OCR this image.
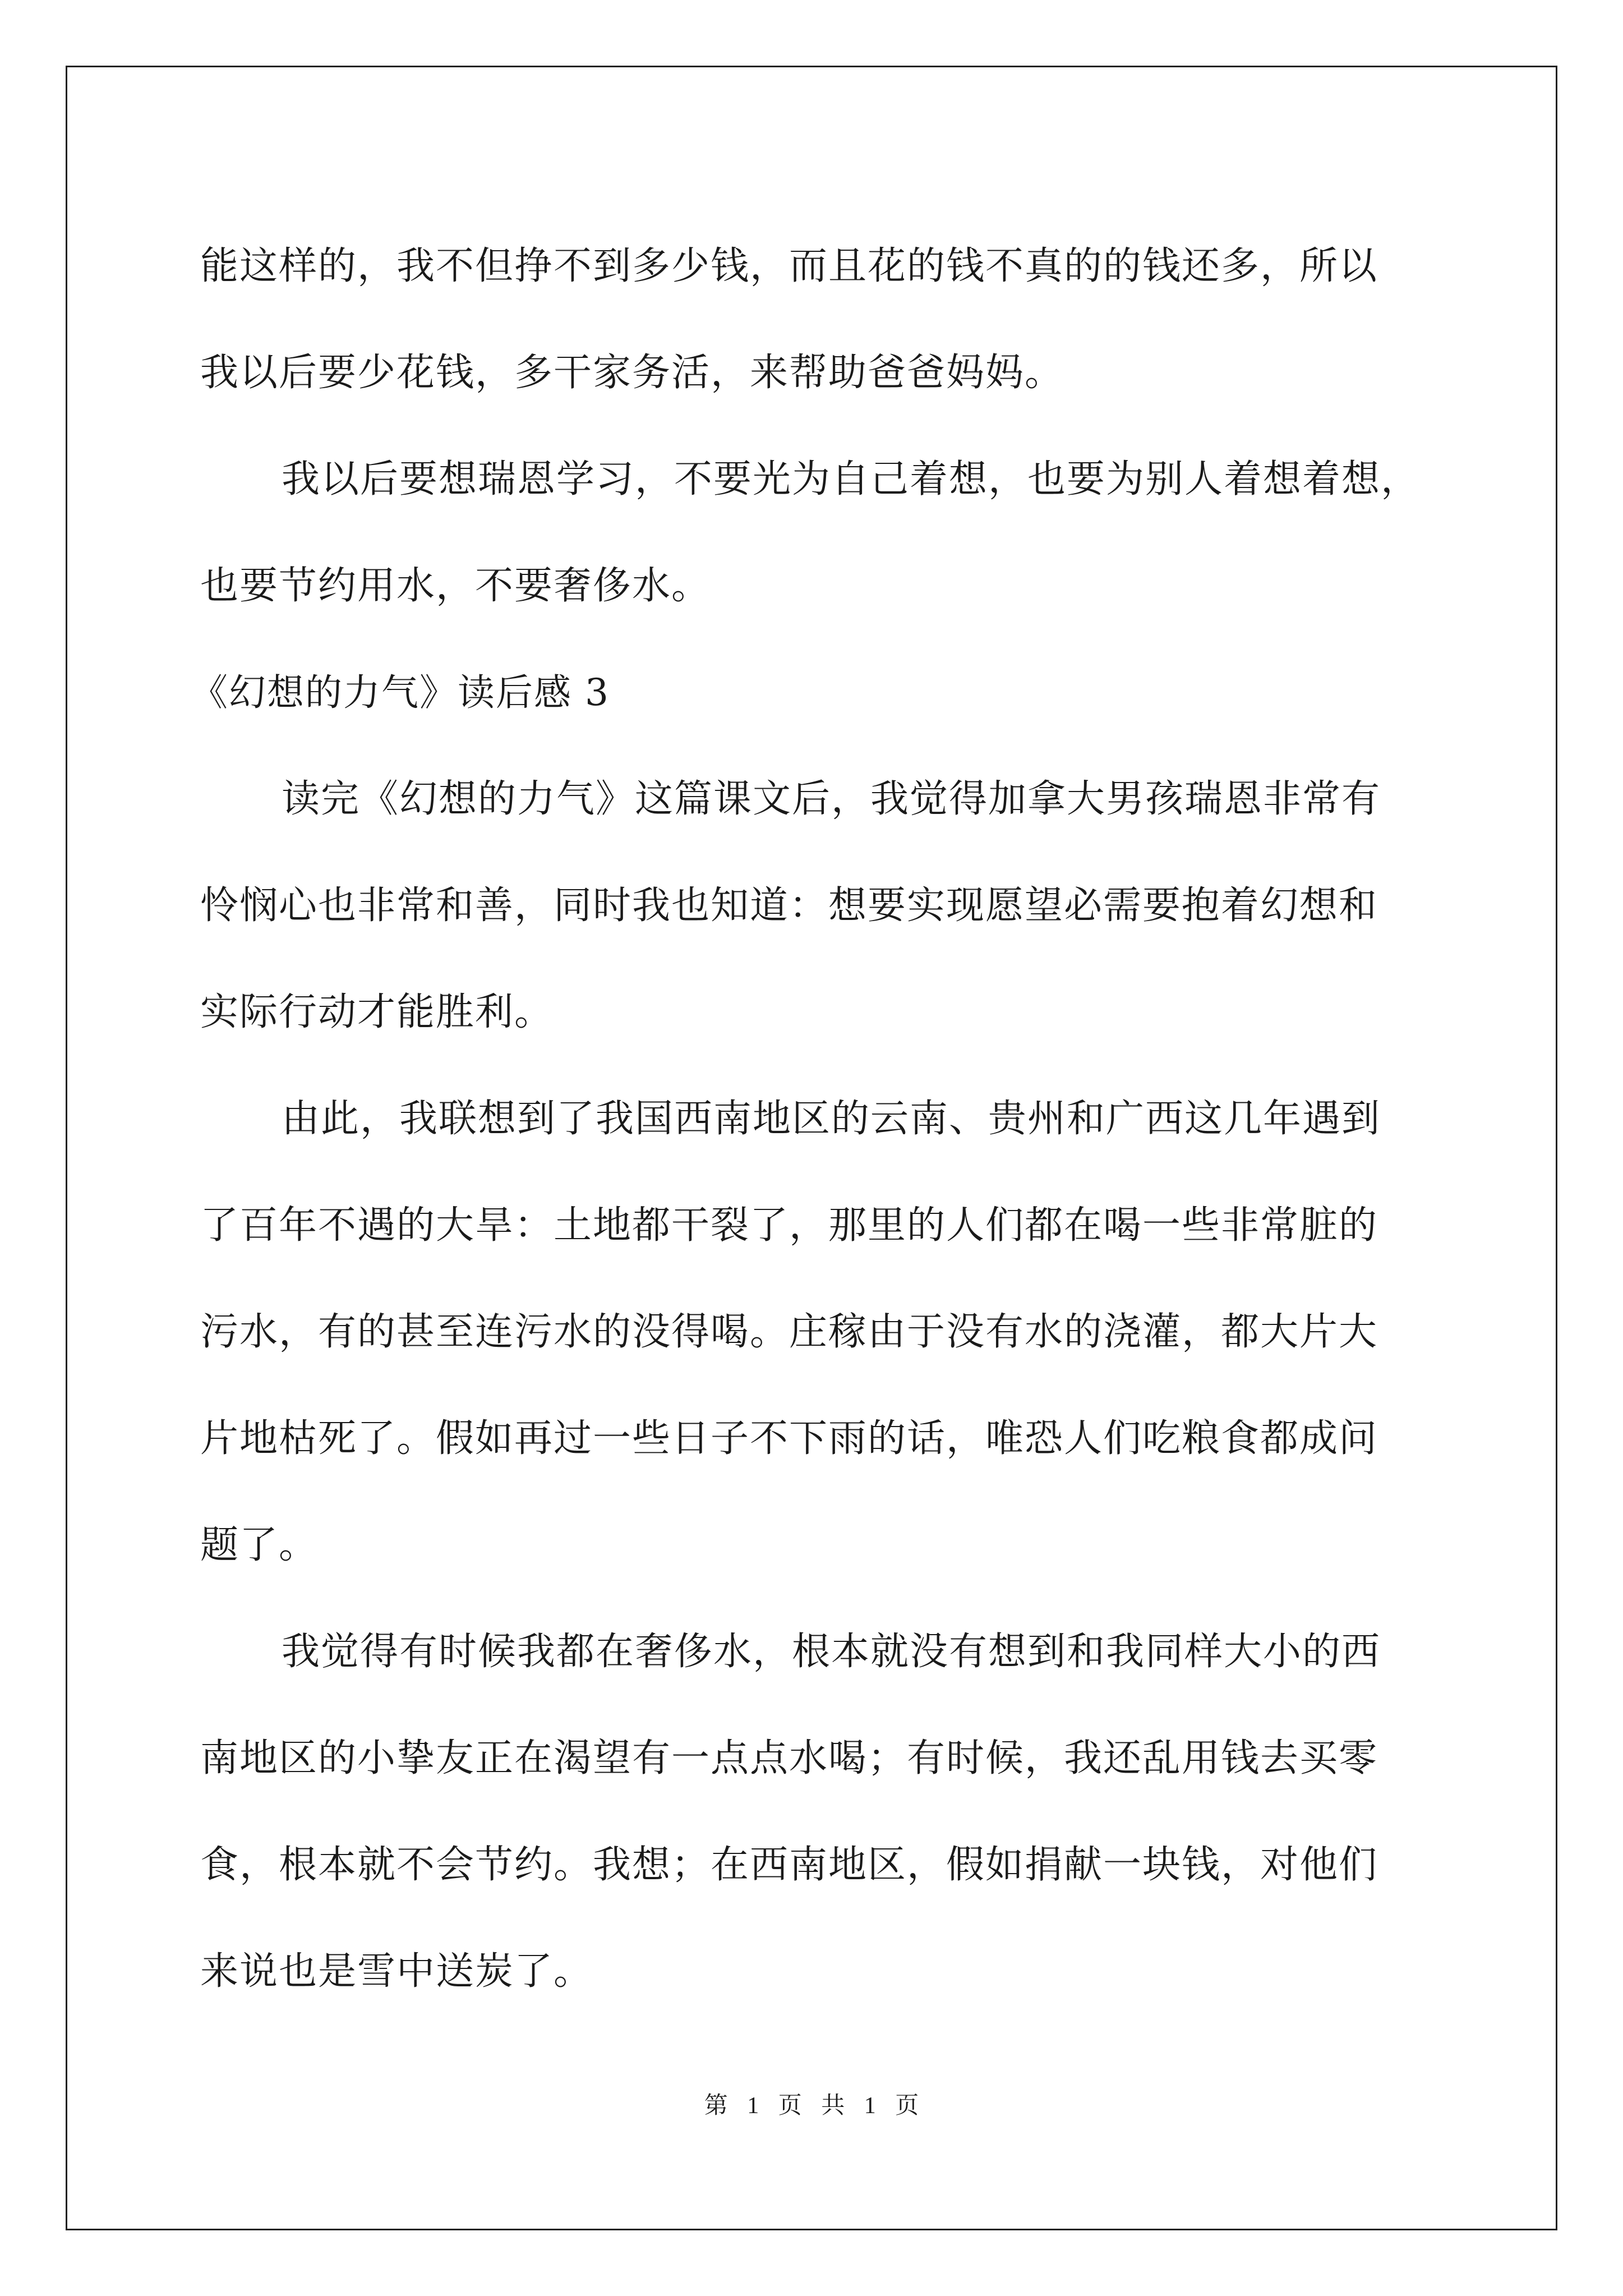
能这样的，我不但挣不到多少钱，而且花的钱不真的的钱还多，所以

我以后要少花钱，多干家务活，来帮助爸爸妈妈。

我以后要想瑞恩学习，不要光为自己着想，也要为别人着想着想，

也要节约用水，不要奢侈水。

《幻想的力气》读后感 3

读完《幻想的力气》这篇课文后，我觉得加拿大男孩瑞恩非常有

怜悯心也非常和善，同时我也知道：想要实现愿望必需要抱着幻想和

实际行动才能胜利。

由此，我联想到了我国西南地区的云南、贵州和广西这几年遇到

了百年不遇的大旱：土地都干裂了，那里的人们都在喝一些非常脏的

污水，有的甚至连污水的没得喝。庄稼由于没有水的浇灌，都大片大

片地枯死了。假如再过一些日子不下雨的话，唯恐人们吃粮食都成问

题了。

我觉得有时候我都在奢侈水，根本就没有想到和我同样大小的西

南地区的小挚友正在渴望有一点点水喝；有时候，我还乱用钱去买零

食，根本就不会节约。我想；在西南地区，假如捐献一块钱，对他们

来说也是雪中送炭了。

第 1 页 共 1 页
